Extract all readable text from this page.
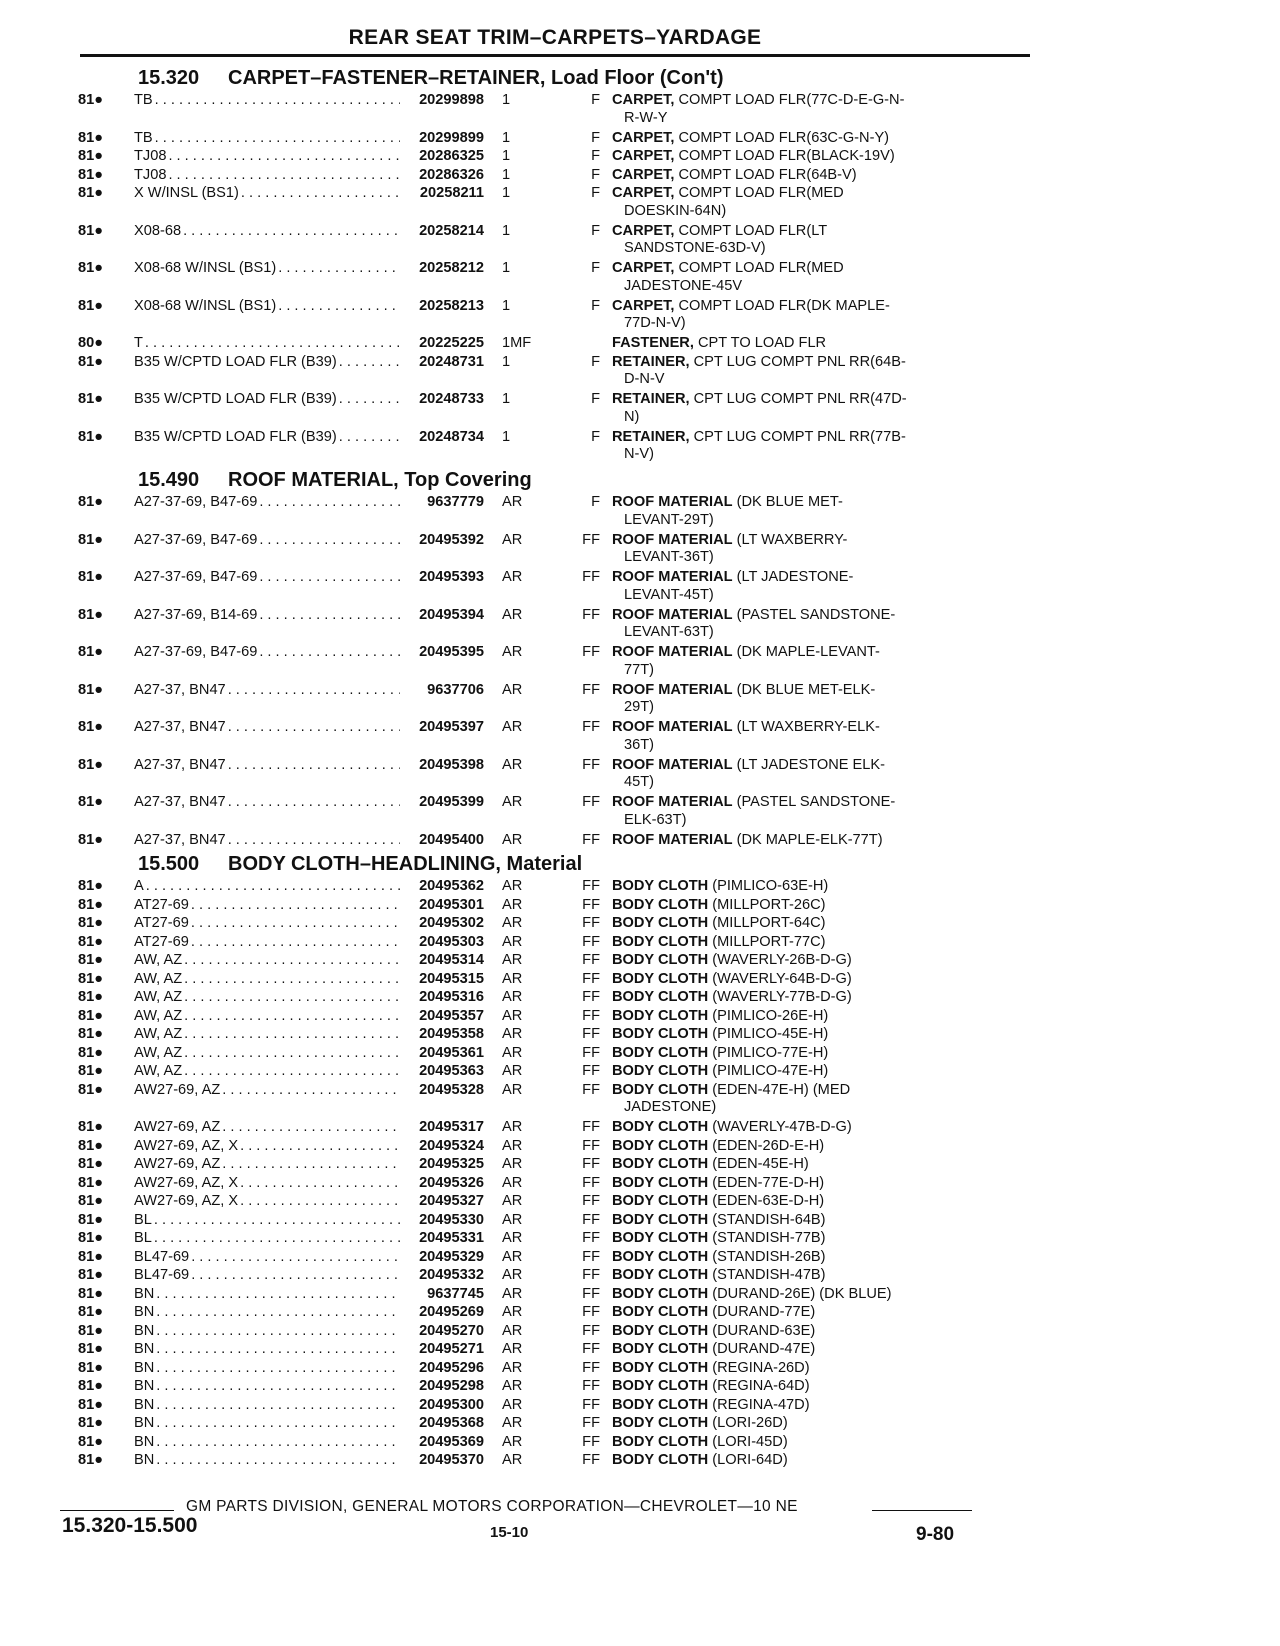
REAR SEAT TRIM–CARPETS–YARDAGE
15.320 CARPET–FASTENER–RETAINER, Load Floor (Con't)
81●	TB . . .	20299898	1	F CARPET, COMPT LOAD FLR(77C-D-E-G-N-
R-W-Y
81●	TB . . .	20299899	1	F CARPET, COMPT LOAD FLR(63C-G-N-Y)
81●	TJ08 . . .	20286325	1	F CARPET, COMPT LOAD FLR(BLACK-19V)
81●	TJ08 . . .	20286326	1	F CARPET, COMPT LOAD FLR(64B-V)
81●	X W/INSL (BS1) . . .	20258211	1	F CARPET, COMPT LOAD FLR(MED
DOESKIN-64N)
81●	X08-68 . . .	20258214	1	F CARPET, COMPT LOAD FLR(LT
SANDSTONE-63D-V)
81●	X08-68 W/INSL (BS1) . . .	20258212	1	F CARPET, COMPT LOAD FLR(MED
JADESTONE-45V
81●	X08-68 W/INSL (BS1) . . .	20258213	1	F CARPET, COMPT LOAD FLR(DK MAPLE-
77D-N-V)
80●	T . . .	20225225	1MF	FASTENER, CPT TO LOAD FLR
81●	B35 W/CPTD LOAD FLR (B39) . . .	20248731	1	F RETAINER, CPT LUG COMPT PNL RR(64B-
D-N-V
81●	B35 W/CPTD LOAD FLR (B39) . . .	20248733	1	F RETAINER, CPT LUG COMPT PNL RR(47D-
N)
81●	B35 W/CPTD LOAD FLR (B39) . . .	20248734	1	F RETAINER, CPT LUG COMPT PNL RR(77B-
N-V)
15.490 ROOF MATERIAL, Top Covering
81●	A27-37-69, B47-69 . . .	9637779	AR	F ROOF MATERIAL (DK BLUE MET-
LEVANT-29T)
81●	A27-37-69, B47-69 . . .	20495392	AR	FF ROOF MATERIAL (LT WAXBERRY-
LEVANT-36T)
81●	A27-37-69, B47-69 . . .	20495393	AR	FF ROOF MATERIAL (LT JADESTONE-
LEVANT-45T)
81●	A27-37-69, B14-69 . . .	20495394	AR	FF ROOF MATERIAL (PASTEL SANDSTONE-
LEVANT-63T)
81●	A27-37-69, B47-69 . . .	20495395	AR	FF ROOF MATERIAL (DK MAPLE-LEVANT-
77T)
81●	A27-37, BN47 . . .	9637706	AR	FF ROOF MATERIAL (DK BLUE MET-ELK-
29T)
81●	A27-37, BN47 . . .	20495397	AR	FF ROOF MATERIAL (LT WAXBERRY-ELK-
36T)
81●	A27-37, BN47 . . .	20495398	AR	FF ROOF MATERIAL (LT JADESTONE ELK-
45T)
81●	A27-37, BN47 . . .	20495399	AR	FF ROOF MATERIAL (PASTEL SANDSTONE-
ELK-63T)
81●	A27-37, BN47 . . .	20495400	AR	FF ROOF MATERIAL (DK MAPLE-ELK-77T)
15.500 BODY CLOTH–HEADLINING, Material
81●	A . . .	20495362	AR	FF BODY CLOTH (PIMLICO-63E-H)
81●	AT27-69 . . .	20495301	AR	FF BODY CLOTH (MILLPORT-26C)
81●	AT27-69 . . .	20495302	AR	FF BODY CLOTH (MILLPORT-64C)
81●	AT27-69 . . .	20495303	AR	FF BODY CLOTH (MILLPORT-77C)
81●	AW, AZ . . .	20495314	AR	FF BODY CLOTH (WAVERLY-26B-D-G)
81●	AW, AZ . . .	20495315	AR	FF BODY CLOTH (WAVERLY-64B-D-G)
81●	AW, AZ . . .	20495316	AR	FF BODY CLOTH (WAVERLY-77B-D-G)
81●	AW, AZ . . .	20495357	AR	FF BODY CLOTH (PIMLICO-26E-H)
81●	AW, AZ . . .	20495358	AR	FF BODY CLOTH (PIMLICO-45E-H)
81●	AW, AZ . . .	20495361	AR	FF BODY CLOTH (PIMLICO-77E-H)
81●	AW, AZ . . .	20495363	AR	FF BODY CLOTH (PIMLICO-47E-H)
81●	AW27-69, AZ . . .	20495328	AR	FF BODY CLOTH (EDEN-47E-H) (MED
JADESTONE)
81●	AW27-69, AZ . . .	20495317	AR	FF BODY CLOTH (WAVERLY-47B-D-G)
81●	AW27-69, AZ, X . . .	20495324	AR	FF BODY CLOTH (EDEN-26D-E-H)
81●	AW27-69, AZ . . .	20495325	AR	FF BODY CLOTH (EDEN-45E-H)
81●	AW27-69, AZ, X . . .	20495326	AR	FF BODY CLOTH (EDEN-77E-D-H)
81●	AW27-69, AZ, X . . .	20495327	AR	FF BODY CLOTH (EDEN-63E-D-H)
81●	BL . . .	20495330	AR	FF BODY CLOTH (STANDISH-64B)
81●	BL . . .	20495331	AR	FF BODY CLOTH (STANDISH-77B)
81●	BL47-69 . . .	20495329	AR	FF BODY CLOTH (STANDISH-26B)
81●	BL47-69 . . .	20495332	AR	FF BODY CLOTH (STANDISH-47B)
81●	BN . . .	9637745	AR	FF BODY CLOTH (DURAND-26E) (DK BLUE)
81●	BN . . .	20495269	AR	FF BODY CLOTH (DURAND-77E)
81●	BN . . .	20495270	AR	FF BODY CLOTH (DURAND-63E)
81●	BN . . .	20495271	AR	FF BODY CLOTH (DURAND-47E)
81●	BN . . .	20495296	AR	FF BODY CLOTH (REGINA-26D)
81●	BN . . .	20495298	AR	FF BODY CLOTH (REGINA-64D)
81●	BN . . .	20495300	AR	FF BODY CLOTH (REGINA-47D)
81●	BN . . .	20495368	AR	FF BODY CLOTH (LORI-26D)
81●	BN . . .	20495369	AR	FF BODY CLOTH (LORI-45D)
81●	BN . . .	20495370	AR	FF BODY CLOTH (LORI-64D)
GM PARTS DIVISION, GENERAL MOTORS CORPORATION—CHEVROLET—10 NE
15.320-15.500	15-10	9-80
